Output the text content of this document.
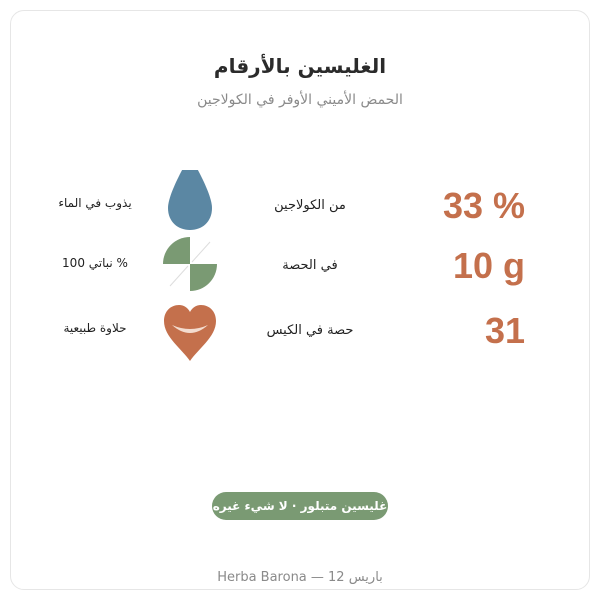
الغليسين بالأرقام
الحمض الأميني الأوفر في الكولاجين
33 %
من الكولاجين
يذوب في الماء
10 g
في الحصة
نباتي 100 %
31
حصة في الكيس
حلاوة طبيعية
غليسين متبلور · لا شيء غيره
Herba Barona — 12 باريس
